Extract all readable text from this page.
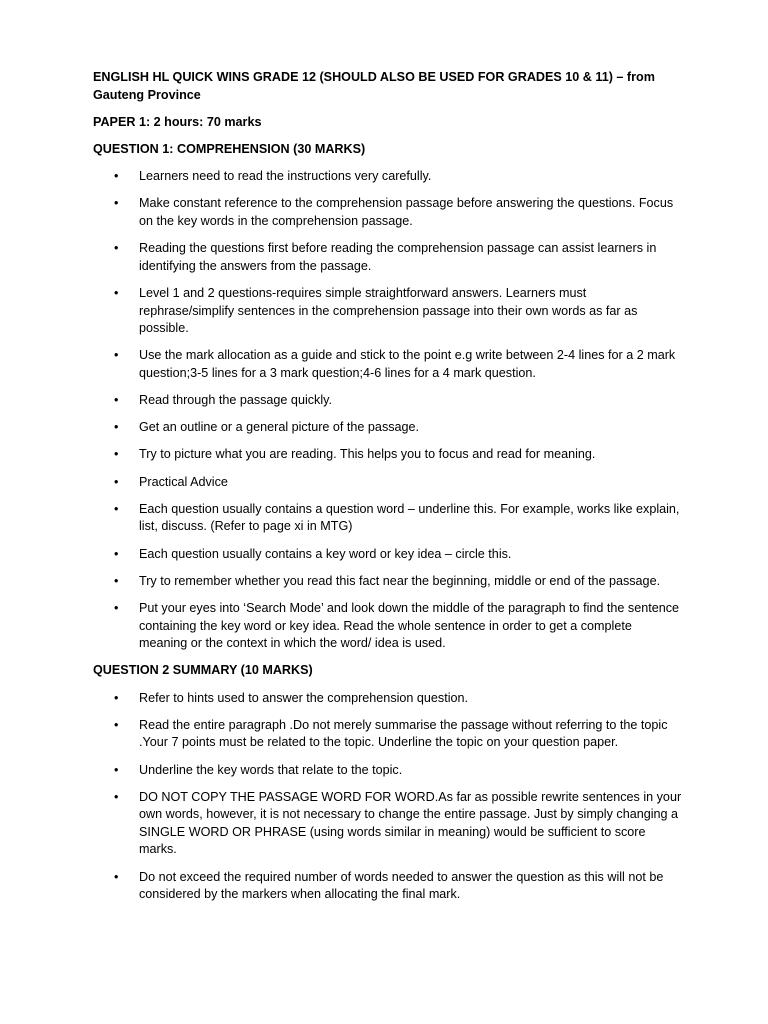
ENGLISH HL QUICK WINS GRADE 12 (SHOULD ALSO BE USED FOR GRADES 10 & 11) – from Gauteng Province
PAPER 1: 2 hours: 70 marks
QUESTION 1: COMPREHENSION (30 MARKS)
• Learners need to read the instructions very carefully.
• Make constant reference to the comprehension passage before answering the questions. Focus on the key words in the comprehension passage.
• Reading the questions first before reading the comprehension passage can assist learners in identifying the answers from the passage.
• Level 1 and 2 questions-requires simple straightforward answers. Learners must rephrase/simplify sentences in the comprehension passage into their own words as far as possible.
• Use the mark allocation as a guide and stick to the point e.g write between 2-4 lines for a 2 mark question;3-5 lines for a 3 mark question;4-6 lines for a 4 mark question.
• Read through the passage quickly.
• Get an outline or a general picture of the passage.
• Try to picture what you are reading. This helps you to focus and read for meaning.
• Practical Advice
• Each question usually contains a question word – underline this. For example, works like explain, list, discuss. (Refer to page xi in MTG)
• Each question usually contains a key word or key idea – circle this.
• Try to remember whether you read this fact near the beginning, middle or end of the passage.
• Put your eyes into ‘Search Mode’ and look down the middle of the paragraph to find the sentence containing the key word or key idea. Read the whole sentence in order to get a complete meaning or the context in which the word/ idea is used.
QUESTION 2 SUMMARY (10 MARKS)
• Refer to hints used to answer the comprehension question.
• Read the entire paragraph .Do not merely summarise the passage without referring to the topic .Your 7 points must be related to the topic. Underline the topic on your question paper.
• Underline the key words that relate to the topic.
• DO NOT COPY THE PASSAGE WORD FOR WORD.As far as possible rewrite sentences in your own words, however, it is not necessary to change the entire passage. Just by simply changing a SINGLE WORD OR PHRASE (using words similar in meaning) would be sufficient to score marks.
• Do not exceed the required number of words needed to answer the question as this will not be considered by the markers when allocating the final mark.
